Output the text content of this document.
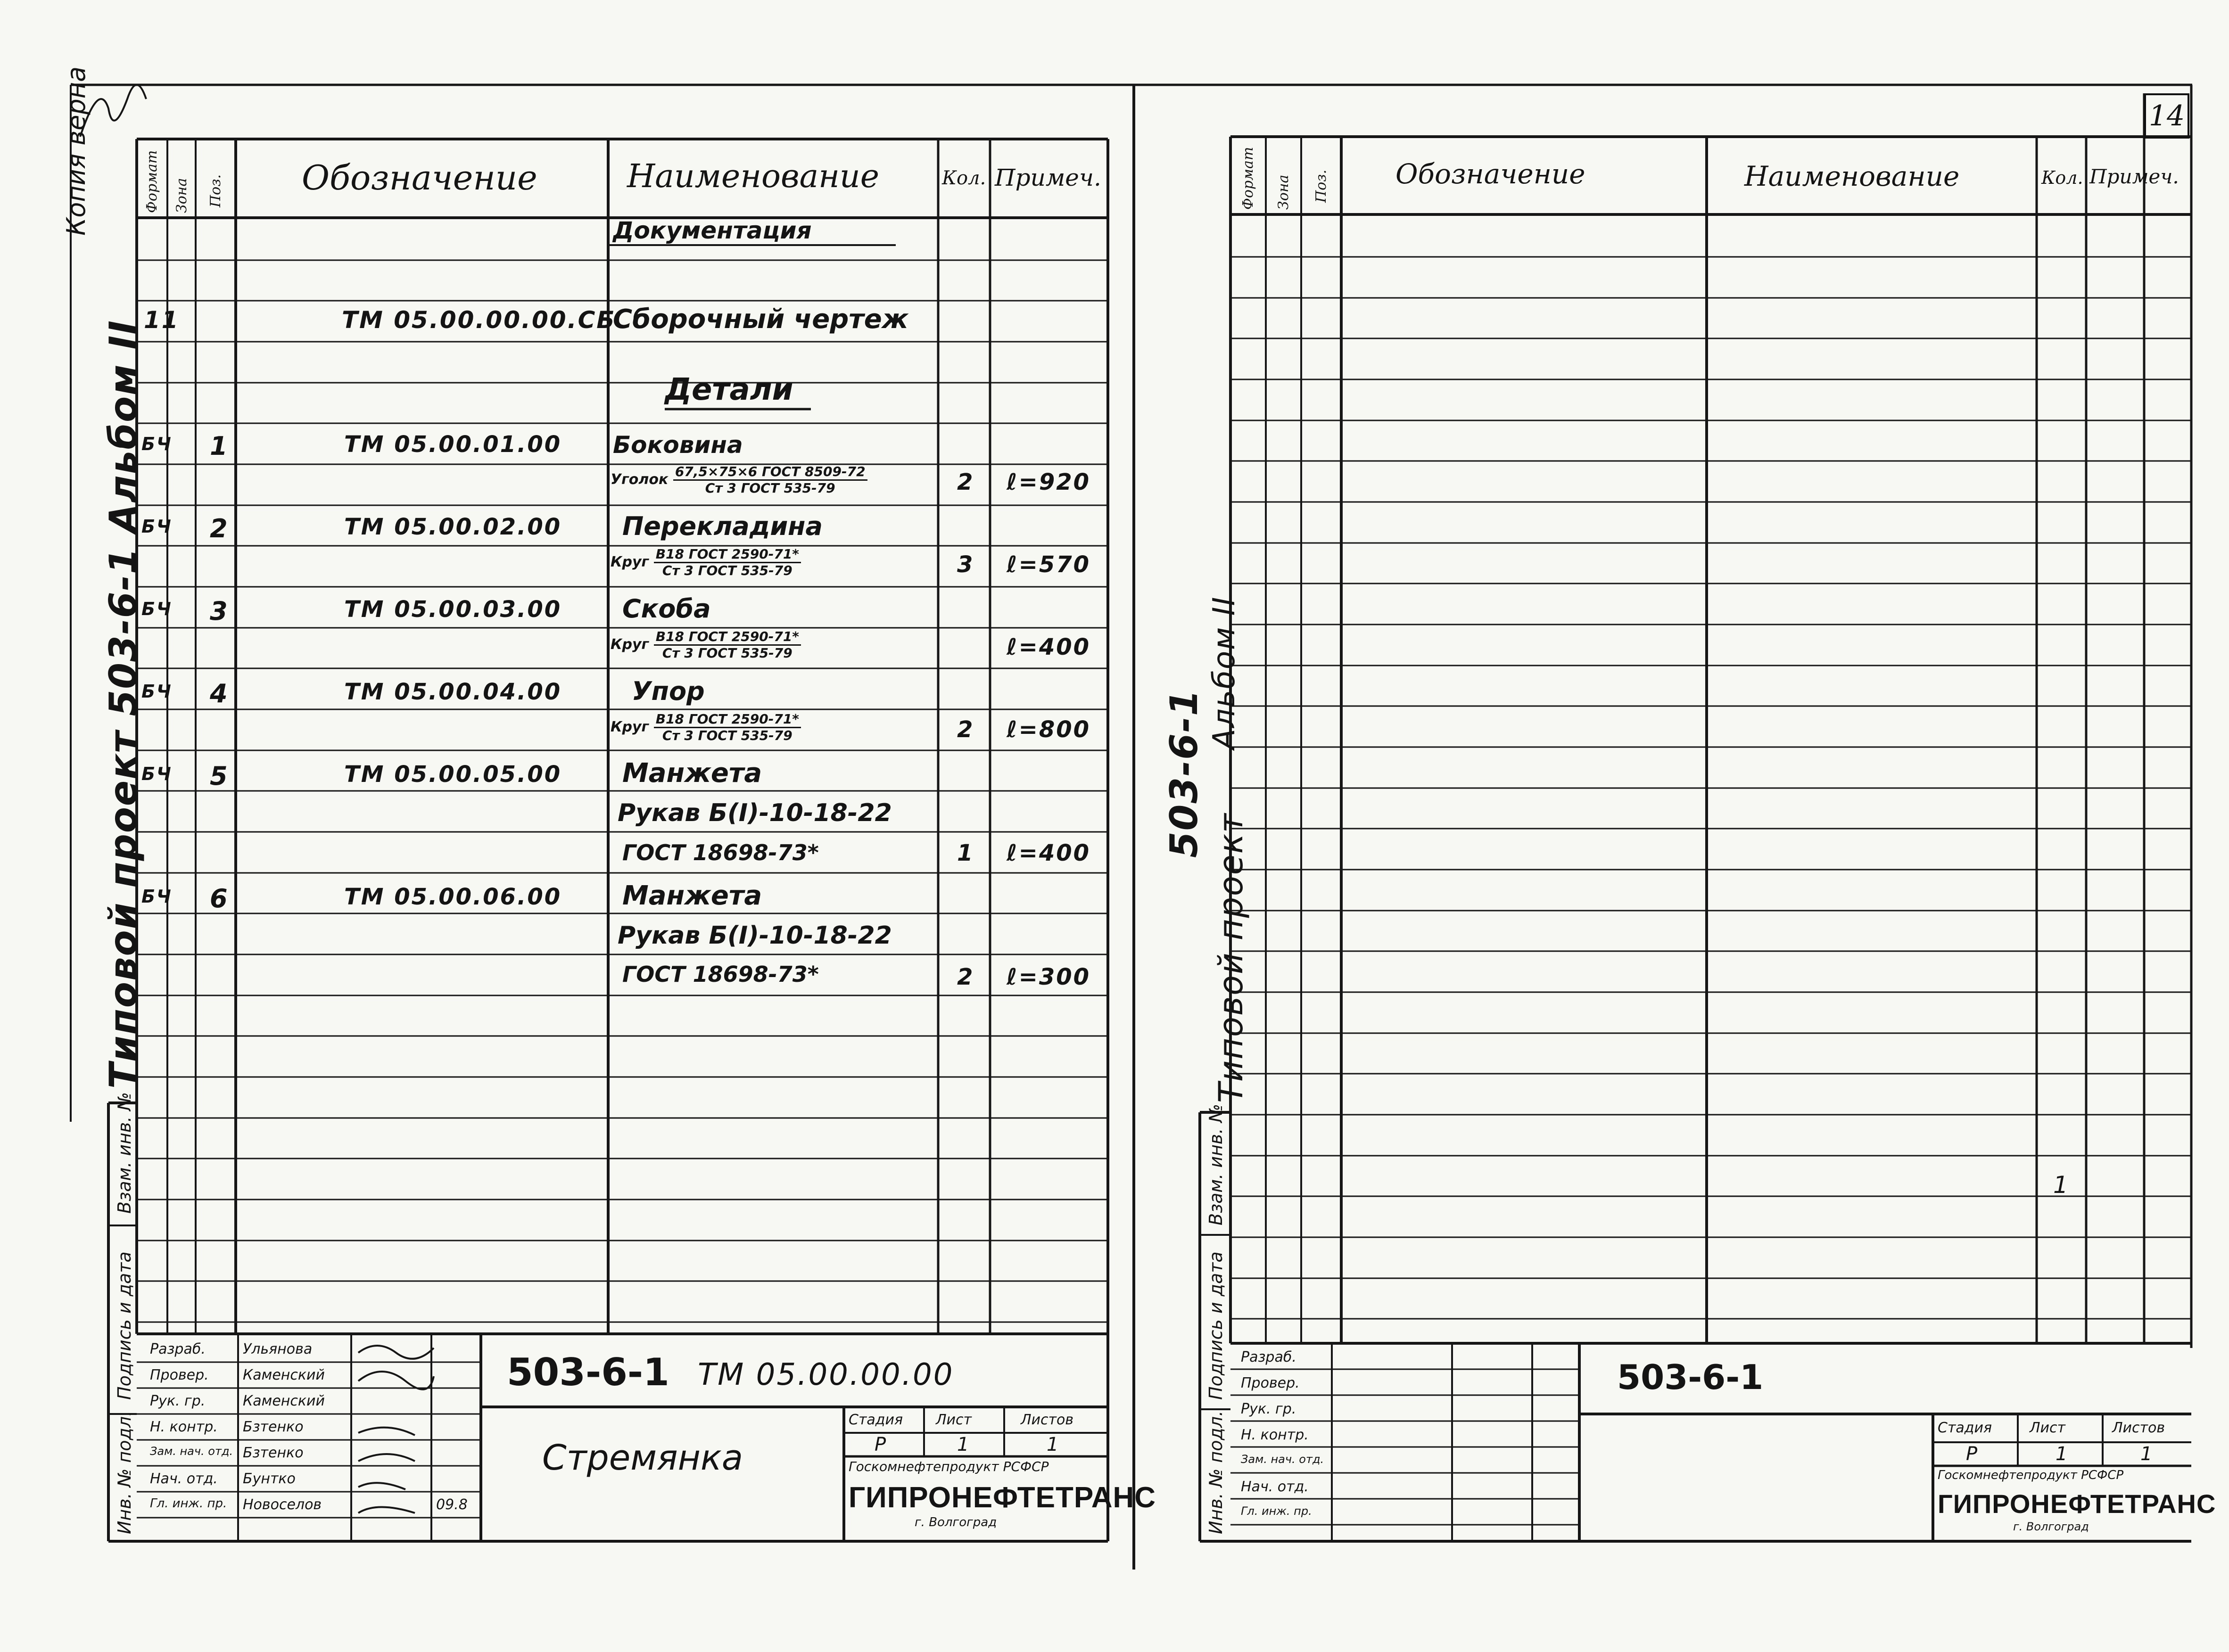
14
Копия верна
Типовой проект 503-6-1 Альбом II
Формат Зона Поз. Обозначение	Наименование	Кол. Примеч.
Документация
Детали
11	ТМ 05.00.00.00.СБ
Сборочный чертеж
БЧ 1	ТМ 05.00.01.00 Боковина
Уголок $\frac{\text{67,5×75×6 ГОСТ 8509-72}}{\text{Ст 3 ГОСТ 535-79}}$	2 ℓ=920
БЧ 2	ТМ 05.00.02.00 Перекладина
Круг $\frac{\text{В18 ГОСТ 2590-71*}}{\text{Ст 3 ГОСТ 535-79}}$	3 ℓ=570
БЧ 3	ТМ 05.00.03.00 Скоба
Круг $\frac{\text{В18 ГОСТ 2590-71*}}{\text{Ст 3 ГОСТ 535-79}}$	ℓ=400
БЧ 4	ТМ 05.00.04.00	Упор
Круг $\frac{\text{В18 ГОСТ 2590-71*}}{\text{Ст 3 ГОСТ 535-79}}$	2 ℓ=800
БЧ 5	ТМ 05.00.05.00 Манжета
Рукав Б(I)-10-18-22
ГОСТ 18698-73*	1 ℓ=400
БЧ 6	ТМ 05.00.06.00 Манжета
Рукав Б(I)-10-18-22
ГОСТ 18698-73*	2 ℓ=300
Взам. инв. №
Подпись и дата
Инв. № подл.
Разраб.
Провер.
Рук. гр.
Н. контр.
Зам. нач. отд.
Нач. отд.
Гл. инж. пр.
Ульянова
Каменский
Каменский
Бзтенко
Бзтенко
Бунтко
Новоселов	09.8
503-6-1 ТМ 05.00.00.00
Стремянка
Стадия Лист	Листов
Р	1	1
Госкомнефтепродукт РСФСР
ГИПРОНЕФТЕТРАНС
г. Волгоград
503-6-1
Типовой проект
Альбом II
Формат Зона Поз. Обозначение	Наименование	Кол. Примеч.
1
Взам. инв. №
Подпись и дата
Инв. № подл.
Разраб.
Провер.
Рук. гр.
Н. контр.
Зам. нач. отд.
Нач. отд.
Гл. инж. пр.
503-6-1
Стадия	Лист	Листов
Р	1	1
Госкомнефтепродукт РСФСР
ГИПРОНЕФТЕТРАНС
г. Волгоград
